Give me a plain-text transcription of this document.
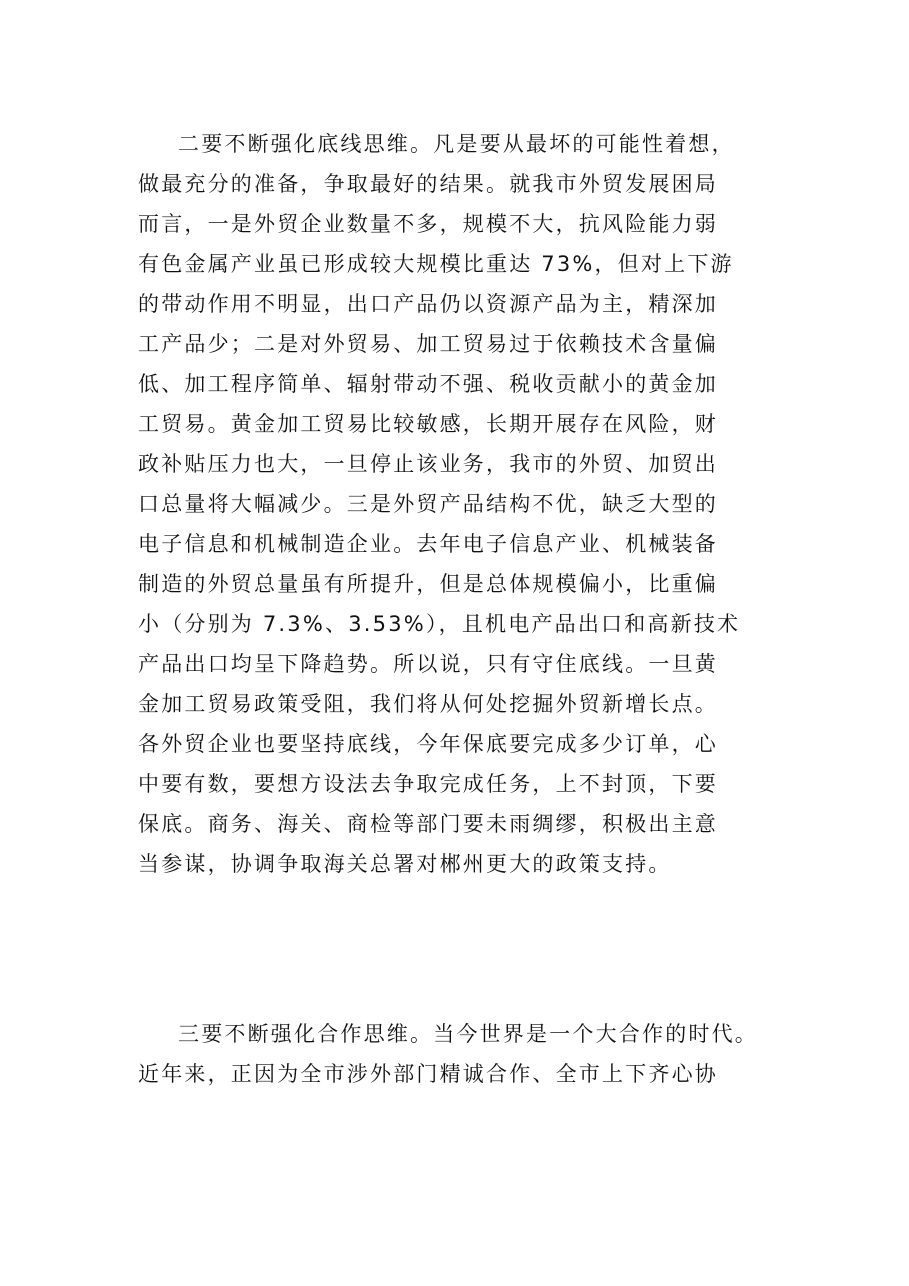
二要不断强化底线思维。凡是要从最坏的可能性着想，
做最充分的准备，争取最好的结果。就我市外贸发展困局
而言，一是外贸企业数量不多，规模不大，抗风险能力弱
有色金属产业虽已形成较大规模比重达 73%，但对上下游
的带动作用不明显，出口产品仍以资源产品为主，精深加
工产品少；二是对外贸易、加工贸易过于依赖技术含量偏
低、加工程序简单、辐射带动不强、税收贡献小的黄金加
工贸易。黄金加工贸易比较敏感，长期开展存在风险，财
政补贴压力也大，一旦停止该业务，我市的外贸、加贸出
口总量将大幅减少。三是外贸产品结构不优，缺乏大型的
电子信息和机械制造企业。去年电子信息产业、机械装备
制造的外贸总量虽有所提升，但是总体规模偏小，比重偏
小（分别为 7.3%、3.53%），且机电产品出口和高新技术
产品出口均呈下降趋势。所以说，只有守住底线。一旦黄
金加工贸易政策受阻，我们将从何处挖掘外贸新增长点。
各外贸企业也要坚持底线，今年保底要完成多少订单，心
中要有数，要想方设法去争取完成任务，上不封顶，下要
保底。商务、海关、商检等部门要未雨绸缪，积极出主意
当参谋，协调争取海关总署对郴州更大的政策支持。
三要不断强化合作思维。当今世界是一个大合作的时代。
近年来，正因为全市涉外部门精诚合作、全市上下齐心协
